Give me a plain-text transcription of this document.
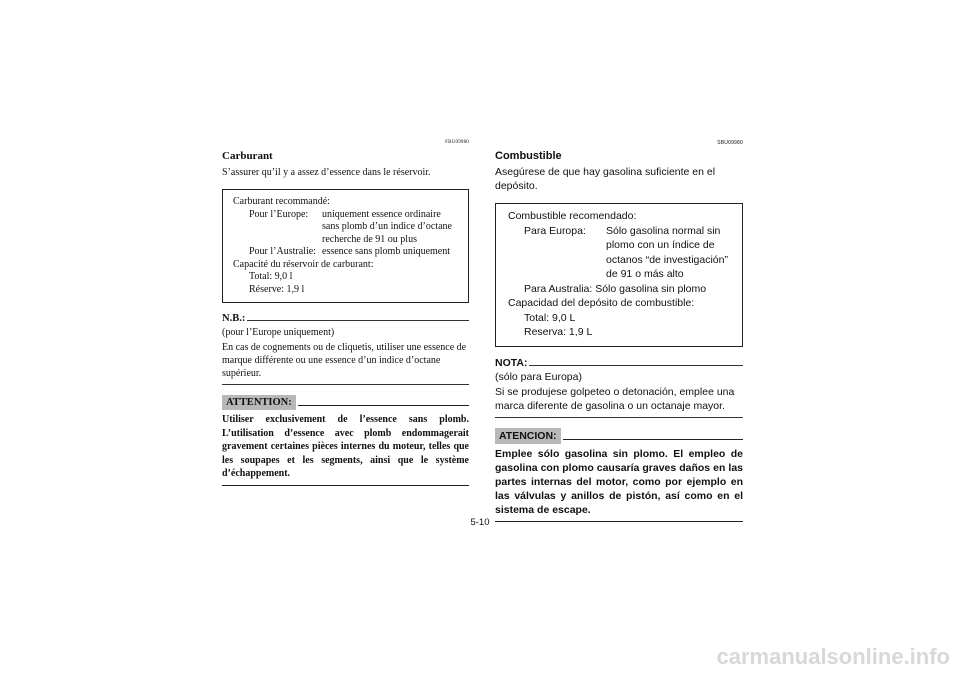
FBU09980
Carburant
S’assurer qu’il y a assez d’essence dans le réservoir.
Carburant recommandé:
Pour l’Europe:	uniquement essence ordinaire sans plomb d’un indice d’octane recherche de 91 ou plus
Pour l’Australie: essence sans plomb uniquement
Capacité du réservoir de carburant:
Total: 9,0 l
Réserve: 1,9 l
N.B.:
(pour l’Europe uniquement)
En cas de cognements ou de cliquetis, utiliser une essence de marque différente ou une essence d’un indice d’octane supérieur.
ATTENTION:
Utiliser exclusivement de l’essence sans plomb. L’utilisation d’essence avec plomb endommagerait gravement certaines pièces internes du moteur, telles que les soupapes et les segments, ainsi que le système d’échappement.
SBU09980
Combustible
Asegúrese de que hay gasolina suficiente en el depósito.
Combustible recomendado:
Para Europa:	Sólo gasolina normal sin plomo con un índice de octanos “de investigación” de 91 o más alto
Para Australia: Sólo gasolina sin plomo
Capacidad del depósito de combustible:
Total: 9,0 L
Reserva: 1,9 L
NOTA:
(sólo para Europa)
Si se produjese golpeteo o detonación, emplee una marca diferente de gasolina o un octanaje mayor.
ATENCION:
Emplee sólo gasolina sin plomo. El empleo de gasolina con plomo causaría graves daños en las partes internas del motor, como por ejemplo en las válvulas y anillos de pistón, así como en el sistema de escape.
5-10
carmanualsonline.info
